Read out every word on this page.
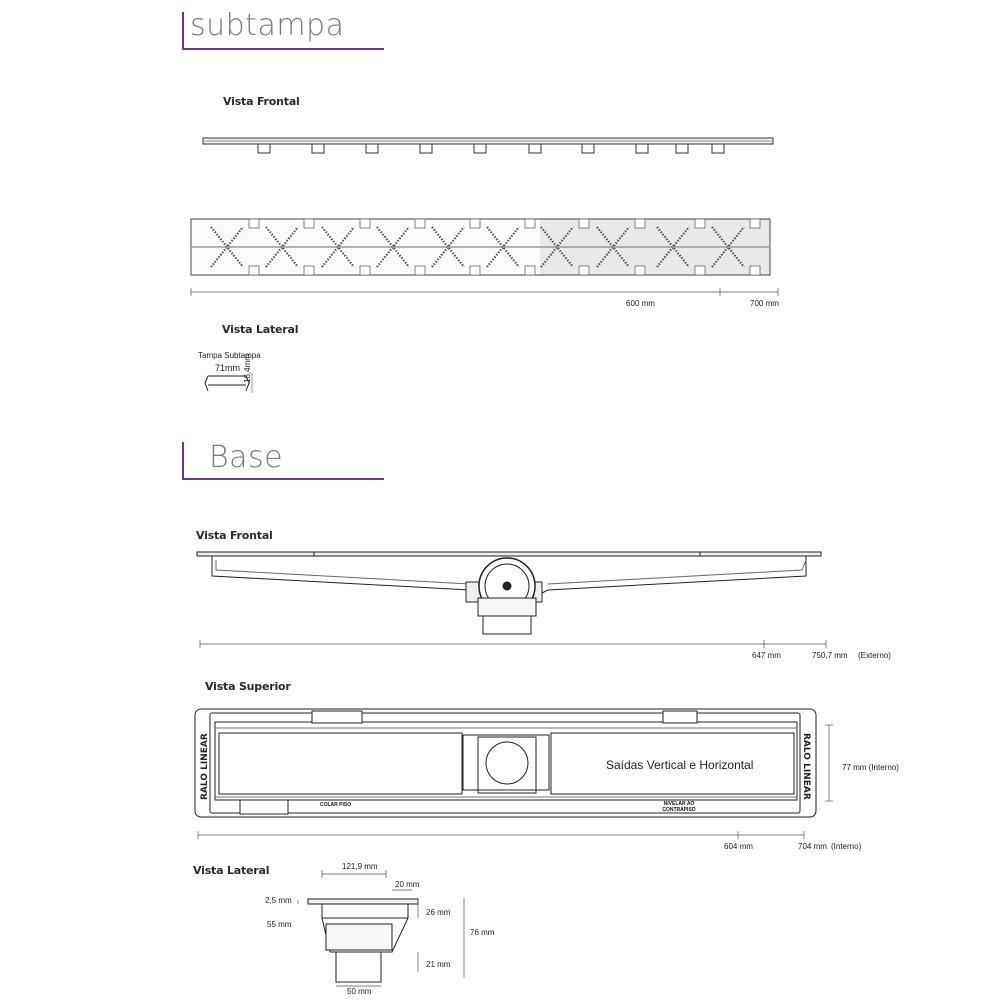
subtampa
Base
Vista Frontal
600 mm	700 mm
Vista Lateral
Tampa Subtampa
71mm 16,4mm
Vista Frontal
647 mm	750,7 mm (Externo)
Vista Superior
RALO LINEAR	RALO LINEAR
Saídas Vertical e Horizontal	77 mm (Interno)
604 mm	704 mm (Interno)
COLAR PISO	NIVELAR AO CONTRAPISO
Vista Lateral	121,9 mm
20 mm
2,5 mm
55 mm
26 mm
76 mm
21 mm
50 mm
